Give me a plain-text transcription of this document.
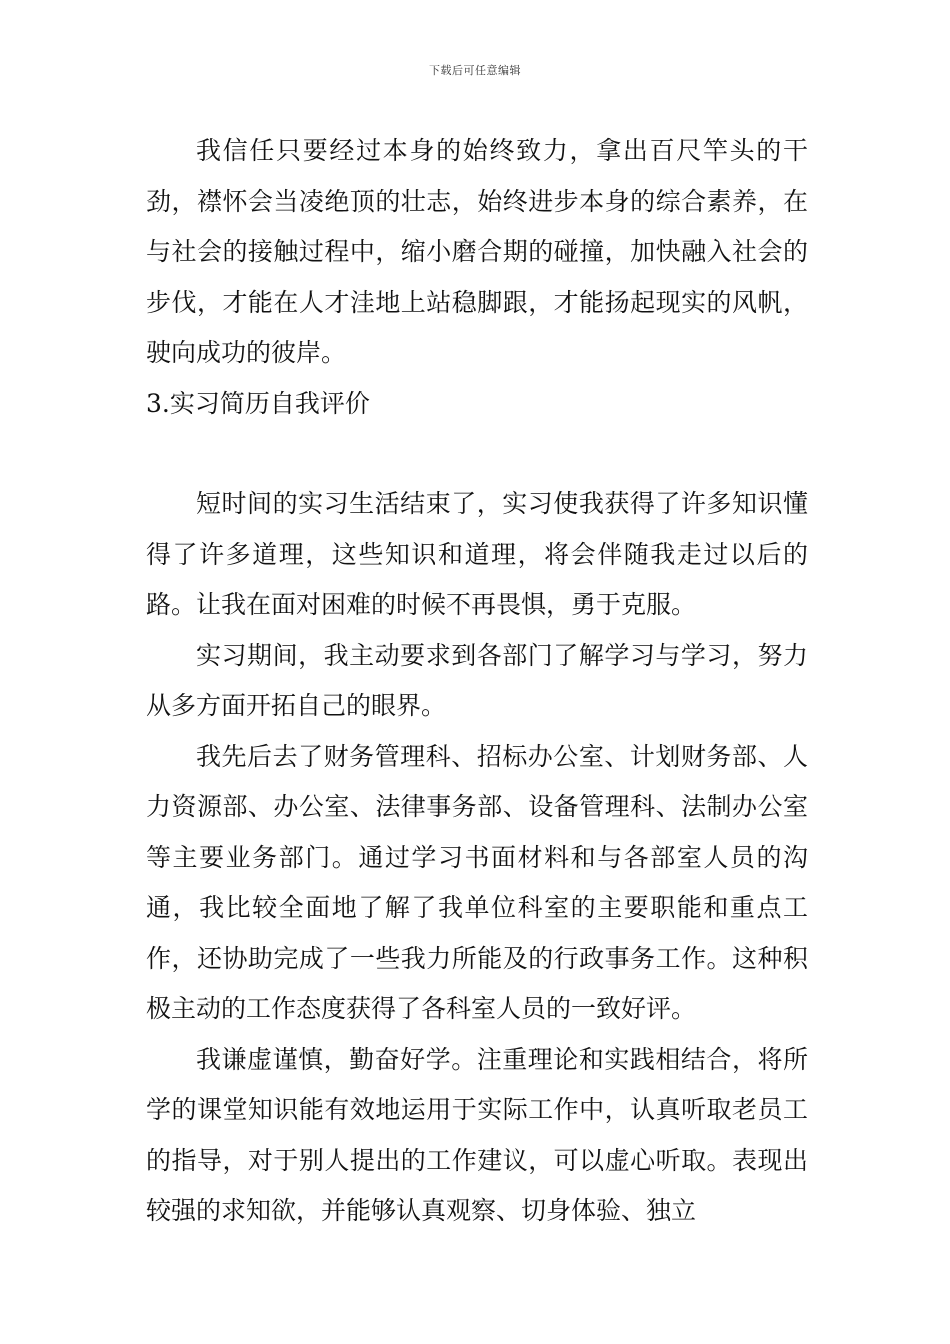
下载后可任意编辑

我信任只要经过本身的始终致力，拿出百尺竿头的干劲，襟怀会当凌绝顶的壮志，始终进步本身的综合素养，在与社会的接触过程中，缩小磨合期的碰撞，加快融入社会的步伐，才能在人才洼地上站稳脚跟，才能扬起现实的风帆，驶向成功的彼岸。

3.实习简历自我评价

短时间的实习生活结束了，实习使我获得了许多知识懂得了许多道理，这些知识和道理，将会伴随我走过以后的路。让我在面对困难的时候不再畏惧，勇于克服。

实习期间，我主动要求到各部门了解学习与学习，努力从多方面开拓自己的眼界。

我先后去了财务管理科、招标办公室、计划财务部、人力资源部、办公室、法律事务部、设备管理科、法制办公室等主要业务部门。通过学习书面材料和与各部室人员的沟通，我比较全面地了解了我单位科室的主要职能和重点工作，还协助完成了一些我力所能及的行政事务工作。这种积极主动的工作态度获得了各科室人员的一致好评。

我谦虚谨慎，勤奋好学。注重理论和实践相结合，将所学的课堂知识能有效地运用于实际工作中，认真听取老员工的指导，对于别人提出的工作建议，可以虚心听取。表现出较强的求知欲，并能够认真观察、切身体验、独立
